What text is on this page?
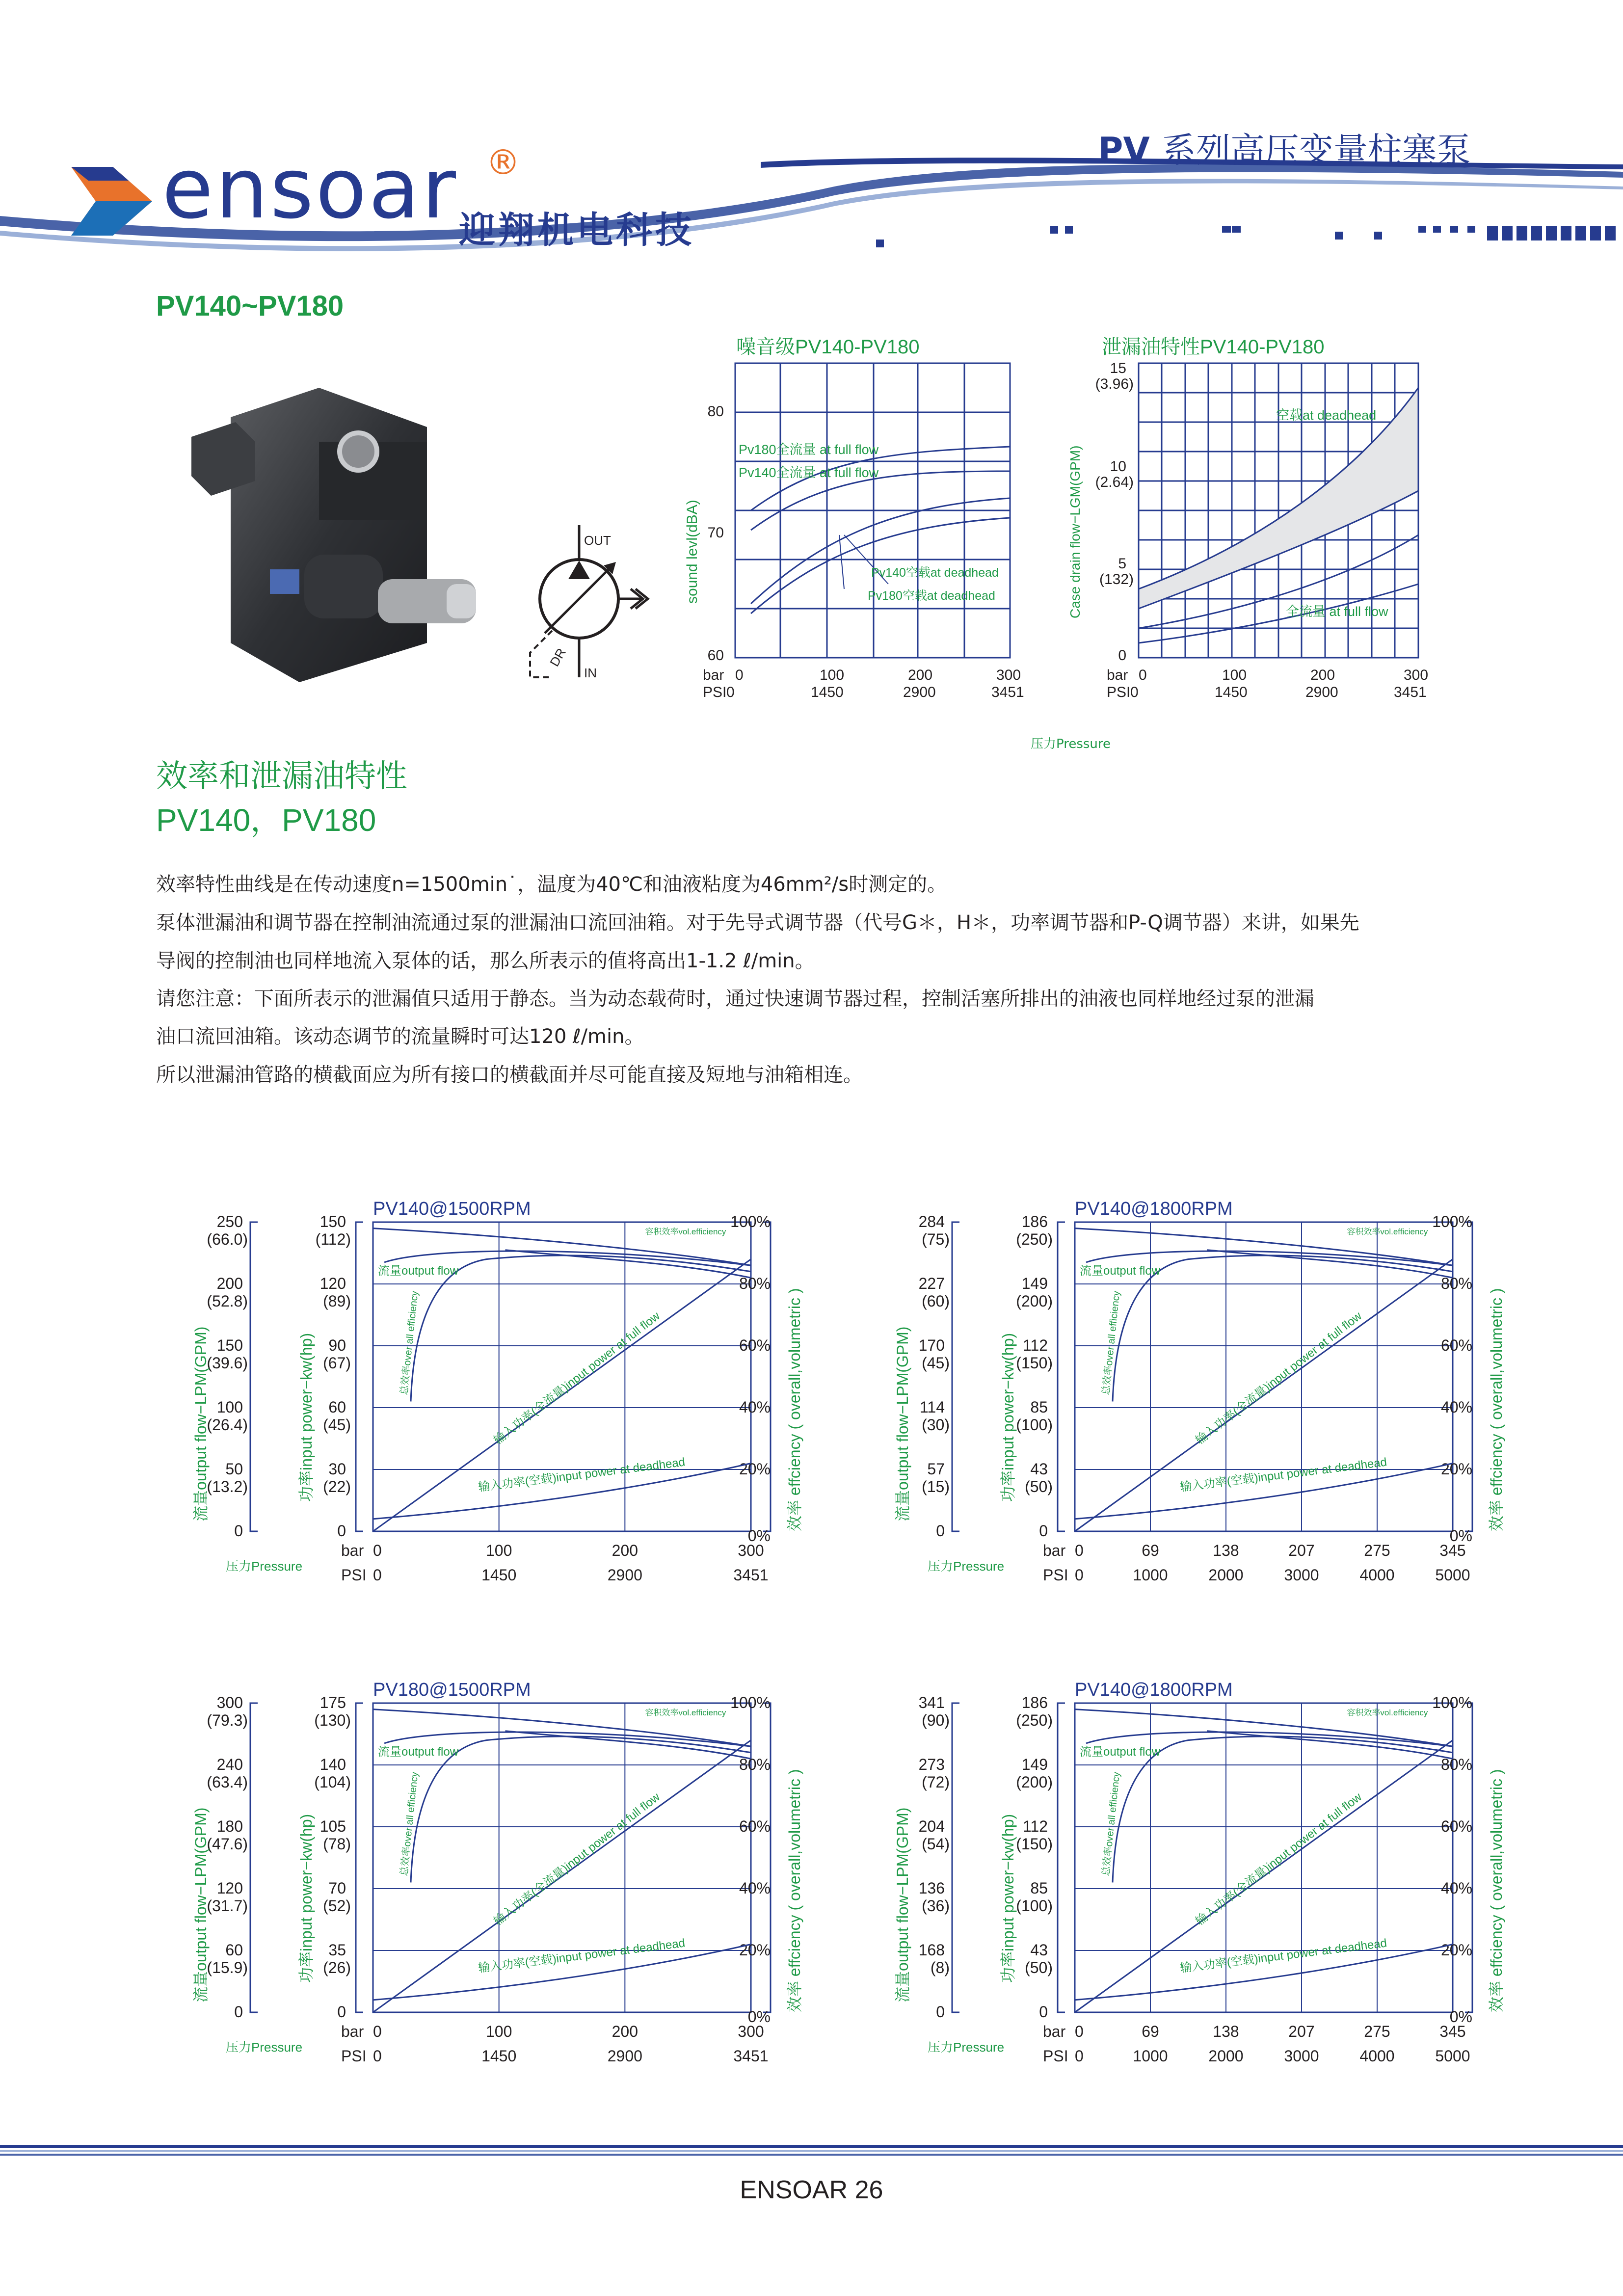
ensoar ®
迎翔机电科技
PV 系列高压变量柱塞泵
PV140~PV180
OUT
IN
DR
噪音级PV140-PV180
Pv180全流量 at full flow
Pv140全流量 at full flow
Pv140空载at deadhead
Pv180空载at deadhead
80
70
60
sound levl(dBA)
bar
PSI
0	100	200	300
0	1450	2900	3451
泄漏油特性PV140-PV180
空载at deadhead
全流量 at full flow
15
(3.96)
10
(2.64)
5
(132)
0
Case drain flow−LGM(GPM)
bar
PSI
0	100	200	300
0	1450	2900	3451
压力Pressure
效率和泄漏油特性
PV140，PV180
效率特性曲线是在传动速度n=1500min˙，温度为40℃和油液粘度为46mm²/s时测定的。
泵体泄漏油和调节器在控制油流通过泵的泄漏油口流回油箱。对于先导式调节器（代号G＊，H＊，功率调节器和P-Q调节器）来讲，如果先
导阀的控制油也同样地流入泵体的话，那么所表示的值将高出1-1.2 ℓ/min。
请您注意：下面所表示的泄漏值只适用于静态。当为动态载荷时，通过快速调节器过程，控制活塞所排出的油液也同样地经过泵的泄漏
油口流回油箱。该动态调节的流量瞬时可达120 ℓ/min。
所以泄漏油管路的横截面应为所有接口的横截面并尽可能直接及短地与油箱相连。
PV140@1500RPM
250
(66.0)
150
(112)
100%
200
(52.8)
120
(89)
80%
150
(39.6)
90
(67)
60%
100
(26.4)
60
(45)
40%
50
(13.2)
30
(22)
20%
0	0	0%
0	100	200	300
0	1450	2900	3451
bar
PSI
压力Pressure
流量output flow−LPM(GPM)	功率input power−kw(hp)	效率 effciency ( overall,volumetric )
容积效率vol.efficiency
流量output flow
总效率over all efficiency	输入功率(全流量)input power at full flow
输入功率(空载)input power at deadhead
PV140@1800RPM
284
(75)
186
(250)
100%
227
(60)
149
(200)
80%
170
(45)
112
(150)
60%
114
(30)
85
(100)
40%
57
(15)
43
(50)
20%
0	0	0%
0	69	138	207	275	345
0	1000	2000	3000	4000	5000
bar
PSI
压力Pressure
流量output flow−LPM(GPM)	功率input power−kw(hp)	效率 effciency ( overall,volumetric )
容积效率vol.efficiency
流量output flow
总效率over all efficiency	输入功率(全流量)input power at full flow
输入功率(空载)input power at deadhead
PV180@1500RPM
300
(79.3)
175
(130)
100%
240
(63.4)
140
(104)
80%
180
(47.6)
105
(78)
60%
120
(31.7)
70
(52)
40%
60
(15.9)
35
(26)
20%
0	0	0%
0	100	200	300
0	1450	2900	3451
bar
PSI
压力Pressure
流量output flow−LPM(GPM)	功率input power−kw(hp)	效率 effciency ( overall,volumetric )
容积效率vol.efficiency
流量output flow
总效率over all efficiency	输入功率(全流量)input power at full flow
输入功率(空载)input power at deadhead
PV140@1800RPM
341
(90)
186
(250)
100%
273
(72)
149
(200)
80%
204
(54)
112
(150)
60%
136
(36)
85
(100)
40%
168
(8)
43
(50)
20%
0	0	0%
0	69	138	207	275	345
0	1000	2000	3000	4000	5000
bar
PSI
压力Pressure
流量output flow−LPM(GPM)	功率input power−kw(hp)	效率 effciency ( overall,volumetric )
容积效率vol.efficiency
流量output flow
总效率over all efficiency	输入功率(全流量)input power at full flow
输入功率(空载)input power at deadhead
ENSOAR 26
